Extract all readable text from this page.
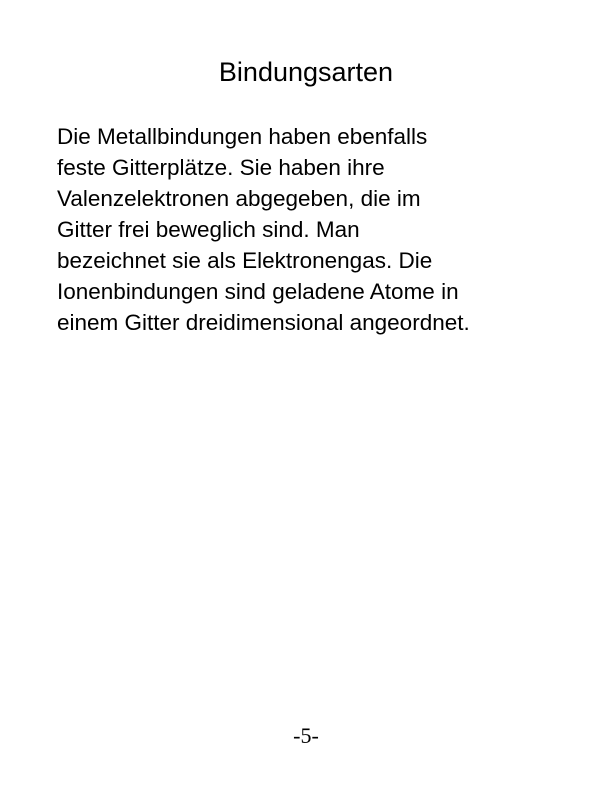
Bindungsarten

Die Metallbindungen haben ebenfalls
feste Gitterplätze. Sie haben ihre
Valenzelektronen abgegeben, die im
Gitter frei beweglich sind. Man
bezeichnet sie als Elektronengas. Die
Ionenbindungen sind geladene Atome in
einem Gitter dreidimensional angeordnet.

-5-
